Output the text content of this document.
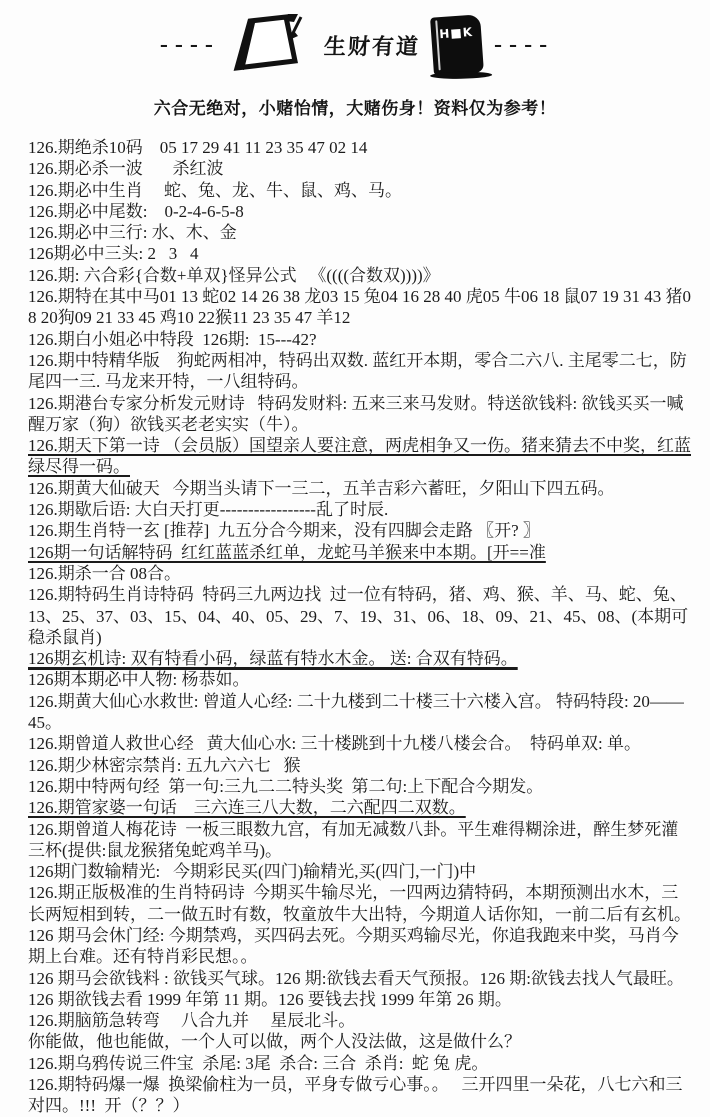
----	生财有道
H■K
----
六合无绝对，小赌怡情，大赌伤身！资料仅为参考！

126.期绝杀10码    05 17 29 41 11 23 35 47 02 14

126.期必杀一波       杀红波

126.期必中生肖     蛇、兔、龙、牛、鼠、鸡、马。

126.期必中尾数:    0-2-4-6-5-8

126.期必中三行: 水、木、金

126期必中三头: 2   3   4

126.期: 六合彩{合数+单双}怪异公式   《((((合数双))))》

126.期特在其中马01 13 蛇02 14 26 38 龙03 15 兔04 16 28 40 虎05 牛06 18 鼠07 19 31 43 猪08 20狗09 21 33 45 鸡10 22猴11 23 35 47 羊12

126.期白小姐必中特段  126期:  15---42?

126.期中特精华版    狗蛇两相冲，特码出双数. 蓝红开本期，零合二六八. 主尾零二七，防尾四一三. 马龙来开特，一八组特码。

126.期港台专家分析发元财诗   特码发财料: 五来三来马发财。特送欲钱料: 欲钱买买一喊醒万家（狗）欲钱买老老实实（牛）。

126.期天下第一诗 （会员版）国望亲人要注意，两虎相争又一伤。猪来猜去不中奖，红蓝绿尽得一码。

126.期黄大仙破天   今期当头请下一三二，五羊吉彩六蓄旺，夕阳山下四五码。

126.期歇后语: 大白天打更-----------------乱了时辰.

126.期生肖特一玄 [推荐]  九五分合今期来，没有四脚会走路 〖开? 〗

126期一句话解特码  红红蓝蓝杀红单，龙蛇马羊猴来中本期。[开==准

126.期杀一合 08合。

126.期特码生肖诗特码  特码三九两边找  过一位有特码，猪、鸡、猴、羊、马、蛇、兔、13、25、37、03、15、04、40、05、29、7、19、31、06、18、09、21、45、08、(本期可稳杀鼠肖)

126期玄机诗: 双有特看小码，绿蓝有特水木金。 送: 合双有特码。

126期本期必中人物: 杨恭如。

126.期黄大仙心水救世: 曾道人心经: 二十九楼到二十楼三十六楼入宫。 特码特段: 20——45。

126.期曾道人救世心经   黄大仙心水: 三十楼跳到十九楼八楼会合。  特码单双: 单。

126.期少林密宗禁肖: 五九六六七   猴

126.期中特两句经  第一句:三九二二特头奖  第二句:上下配合今期发。

126.期管家婆一句话    三六连三八大数，二六配四二双数。

126.期曾道人梅花诗  一板三眼数九宫，有加无减数八卦。平生难得糊涂进，醉生梦死灌三杯(提供:鼠龙猴猪兔蛇鸡羊马)。

126期门数输精光:   今期彩民买(四门)输精光,买(四门,一门)中

126.期正版极准的生肖特码诗  今期买牛输尽光，一四两边猜特码，本期预测出水木，三长两短相到转，二一做五时有数，牧童放牛大出特，今期道人话你知，一前二后有玄机。

126 期马会休门经: 今期禁鸡，买四码去死。今期买鸡输尽光，你追我跑来中奖，马肖今期上台难。还有特肖彩民想。。

126 期马会欲钱料 : 欲钱买气球。126 期:欲钱去看天气预报。126 期:欲钱去找人气最旺。

126 期欲钱去看 1999 年第 11 期。126 要钱去找 1999 年第 26 期。

126.期脑筋急转弯     八合九并     星辰北斗。

你能做，他也能做，一个人可以做，两个人没法做，这是做什么？

126.期乌鸦传说三件宝  杀尾: 3尾  杀合: 三合  杀肖:  蛇 兔 虎。

126.期特码爆一爆  换梁偷柱为一员，平身专做亏心事。。   三开四里一朵花，八七六和三对四。!!!  开（？？）
